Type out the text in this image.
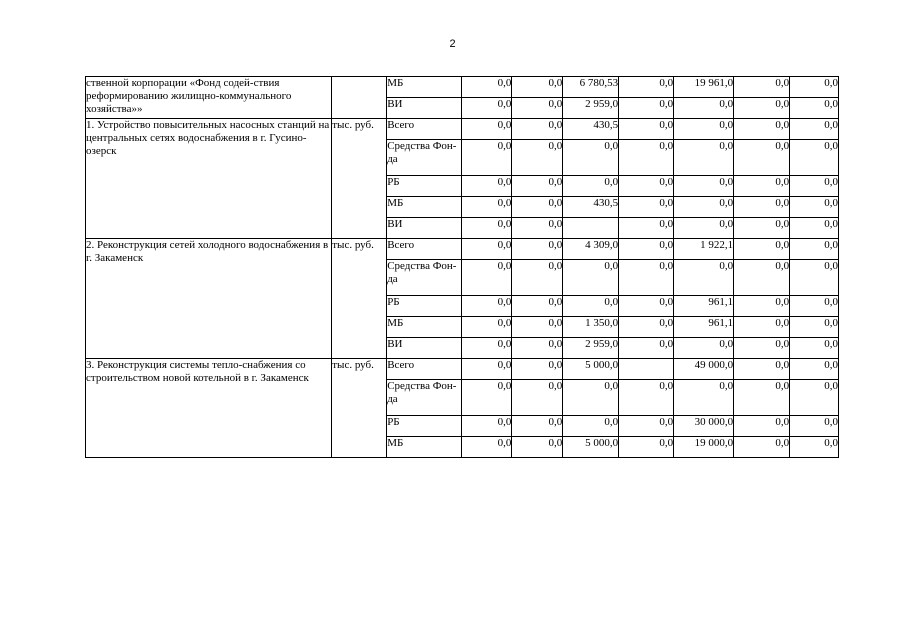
2
ственной корпорации «Фонд содей-ствия реформированию жилищно-коммунального хозяйства»»		МБ	0,0	0,0	6 780,53	0,0	19 961,0	0,0	0,0
		ВИ	0,0	0,0	2 959,0	0,0	0,0	0,0	0,0
1. Устройство повысительных насосных станций на центральных сетях водоснабжения в г. Гусино-озерск	тыс. руб.	Всего	0,0	0,0	430,5	0,0	0,0	0,0	0,0
		Средства Фон-да	0,0	0,0	0,0	0,0	0,0	0,0	0,0
		РБ	0,0	0,0	0,0	0,0	0,0	0,0	0,0
		МБ	0,0	0,0	430,5	0,0	0,0	0,0	0,0
		ВИ	0,0	0,0		0,0	0,0	0,0	0,0
2. Реконструкция сетей холодного водоснабжения в г. Закаменск	тыс. руб.	Всего	0,0	0,0	4 309,0	0,0	1 922,1	0,0	0,0
		Средства Фон-да	0,0	0,0	0,0	0,0	0,0	0,0	0,0
		РБ	0,0	0,0	0,0	0,0	961,1	0,0	0,0
		МБ	0,0	0,0	1 350,0	0,0	961,1	0,0	0,0
		ВИ	0,0	0,0	2 959,0	0,0	0,0	0,0	0,0
3. Реконструкция системы тепло-снабжения со строительством новой котельной в г. Закаменск	тыс. руб.	Всего	0,0	0,0	5 000,0		49 000,0	0,0	0,0
		Средства Фон-да	0,0	0,0	0,0	0,0	0,0	0,0	0,0
		РБ	0,0	0,0	0,0	0,0	30 000,0	0,0	0,0
		МБ	0,0	0,0	5 000,0	0,0	19 000,0	0,0	0,0
